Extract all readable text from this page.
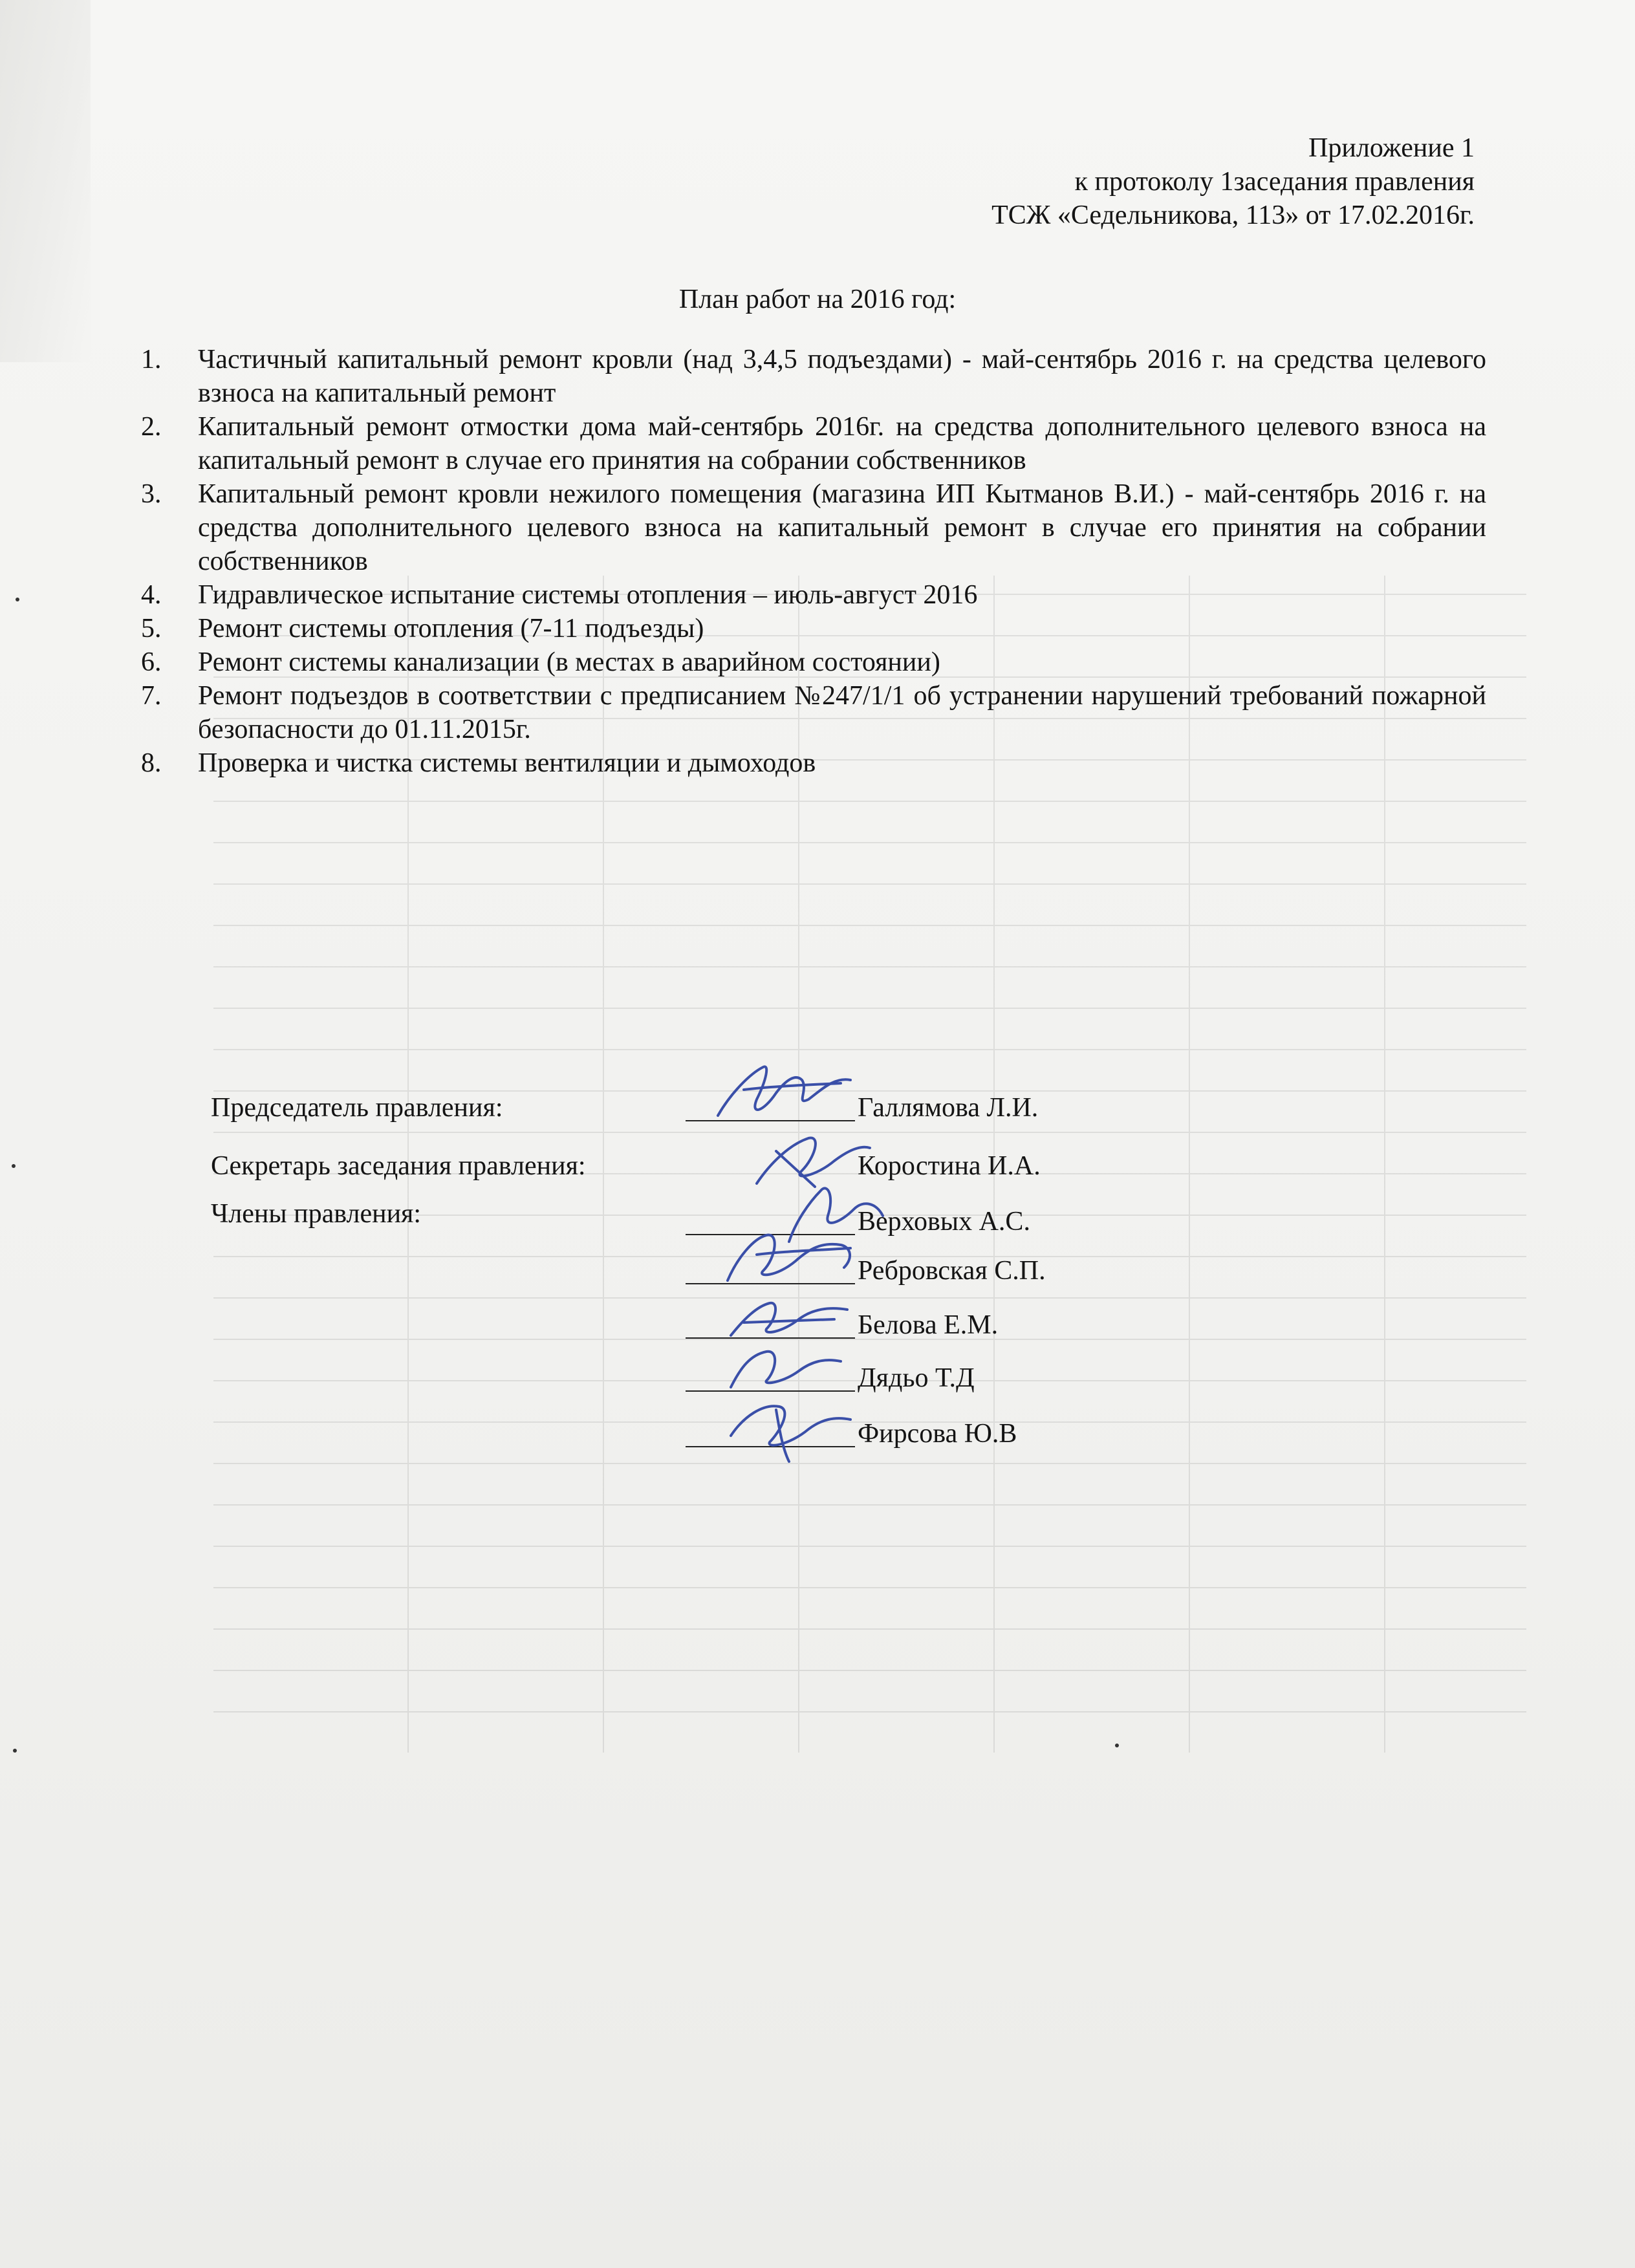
Приложение 1
к протоколу 1заседания правления
ТСЖ «Седельникова, 113» от 17.02.2016г.
План работ на 2016 год:
1. Частичный капитальный ремонт кровли (над 3,4,5 подъездами) - май-сентябрь 2016 г. на средства целевого взноса на капитальный ремонт
2. Капитальный ремонт отмостки дома май-сентябрь 2016г. на средства дополнительного целевого взноса на капитальный ремонт в случае его принятия на собрании собственников
3. Капитальный ремонт кровли нежилого помещения (магазина ИП Кытманов В.И.) - май-сентябрь 2016 г. на средства дополнительного целевого взноса на капитальный ремонт в случае его принятия на собрании собственников
4. Гидравлическое испытание системы отопления – июль-август 2016
5. Ремонт системы отопления (7-11 подъезды)
6. Ремонт системы канализации (в местах в аварийном состоянии)
7. Ремонт подъездов в соответствии с предписанием №247/1/1 об устранении нарушений требований пожарной безопасности до 01.11.2015г.
8. Проверка и чистка системы вентиляции и дымоходов
Председатель правления:	Галлямова Л.И.
Секретарь заседания правления:	Коростина И.А.
Члены правления:	Верховых А.С.
Ребровская С.П.
Белова Е.М.
Дядьо Т.Д
Фирсова Ю.В
